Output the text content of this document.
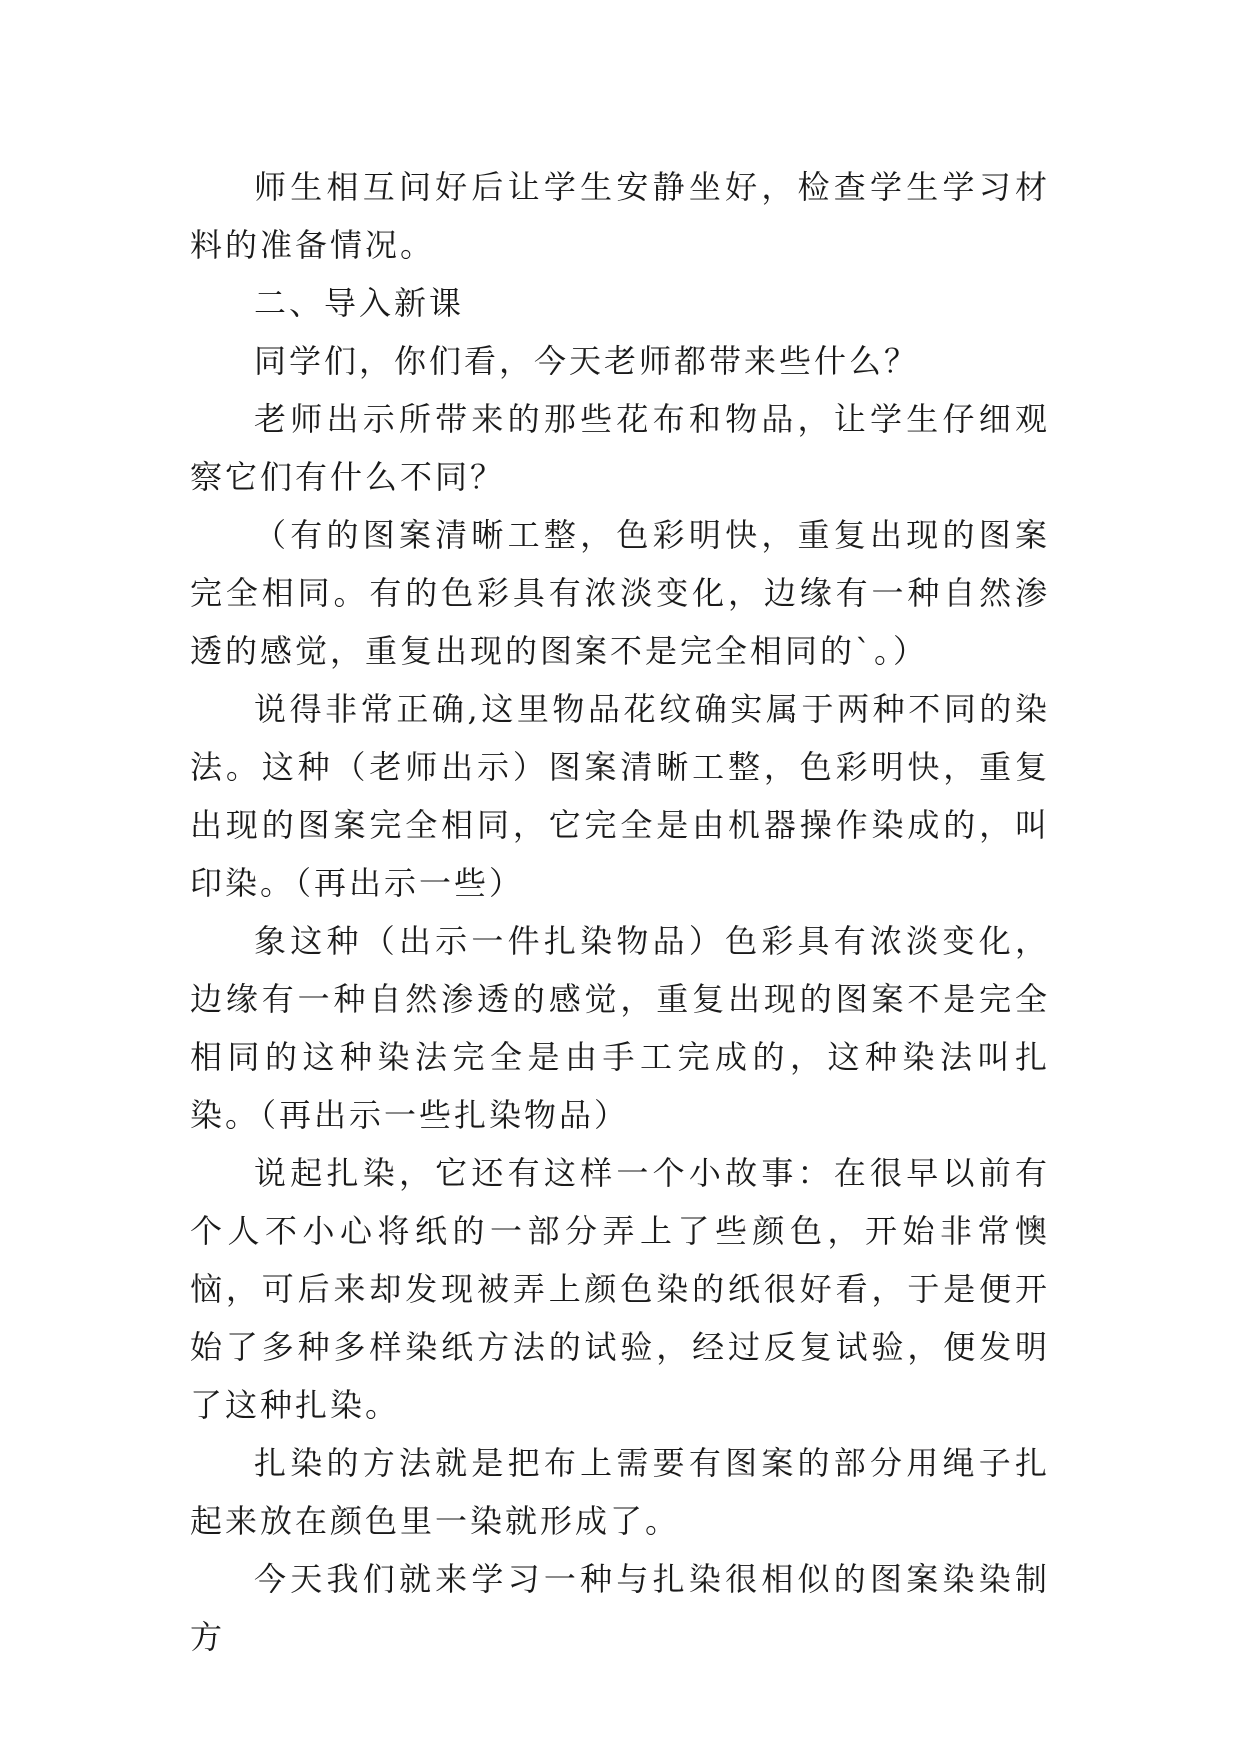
师生相互问好后让学生安静坐好，检查学生学习材料的准备情况。

二、导入新课

同学们，你们看，今天老师都带来些什么？

老师出示所带来的那些花布和物品，让学生仔细观察它们有什么不同？

（有的图案清晰工整，色彩明快，重复出现的图案完全相同。有的色彩具有浓淡变化，边缘有一种自然渗透的感觉，重复出现的图案不是完全相同的`。）

说得非常正确,这里物品花纹确实属于两种不同的染法。这种（老师出示）图案清晰工整，色彩明快，重复出现的图案完全相同，它完全是由机器操作染成的，叫印染。（再出示一些）

象这种（出示一件扎染物品）色彩具有浓淡变化，边缘有一种自然渗透的感觉，重复出现的图案不是完全相同的这种染法完全是由手工完成的，这种染法叫扎染。（再出示一些扎染物品）

说起扎染，它还有这样一个小故事：在很早以前有个人不小心将纸的一部分弄上了些颜色，开始非常懊恼，可后来却发现被弄上颜色染的纸很好看，于是便开始了多种多样染纸方法的试验，经过反复试验，便发明了这种扎染。

扎染的方法就是把布上需要有图案的部分用绳子扎起来放在颜色里一染就形成了。

今天我们就来学习一种与扎染很相似的图案染染制方
